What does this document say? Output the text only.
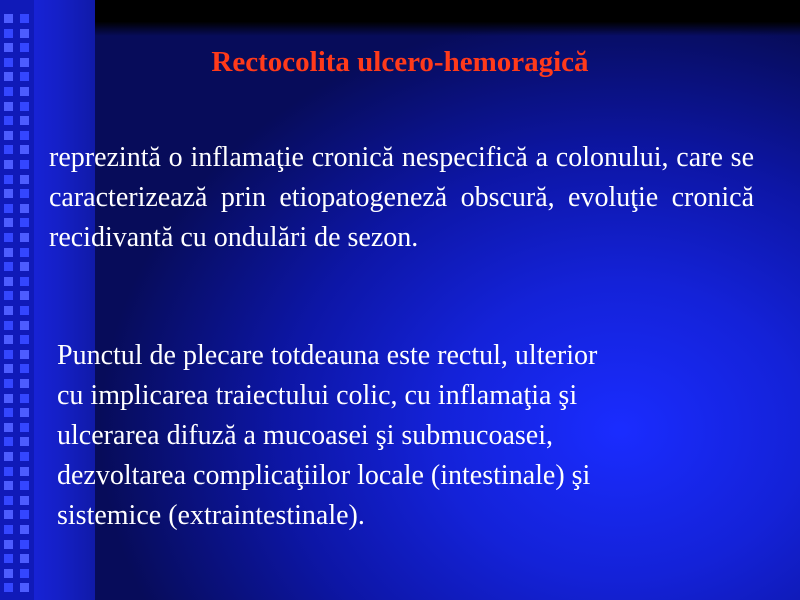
Rectocolita ulcero-hemoragică
reprezintă o inflamaţie cronică nespecifică a colonului, care se caracterizează prin etiopatogeneză obscură, evoluţie cronică recidivantă cu ondulări de sezon.
Punctul de plecare totdeauna este rectul, ulterior
cu implicarea traiectului colic, cu inflamaţia şi
ulcerarea difuză a mucoasei şi submucoasei,
dezvoltarea complicaţiilor locale (intestinale) şi
sistemice (extraintestinale).
